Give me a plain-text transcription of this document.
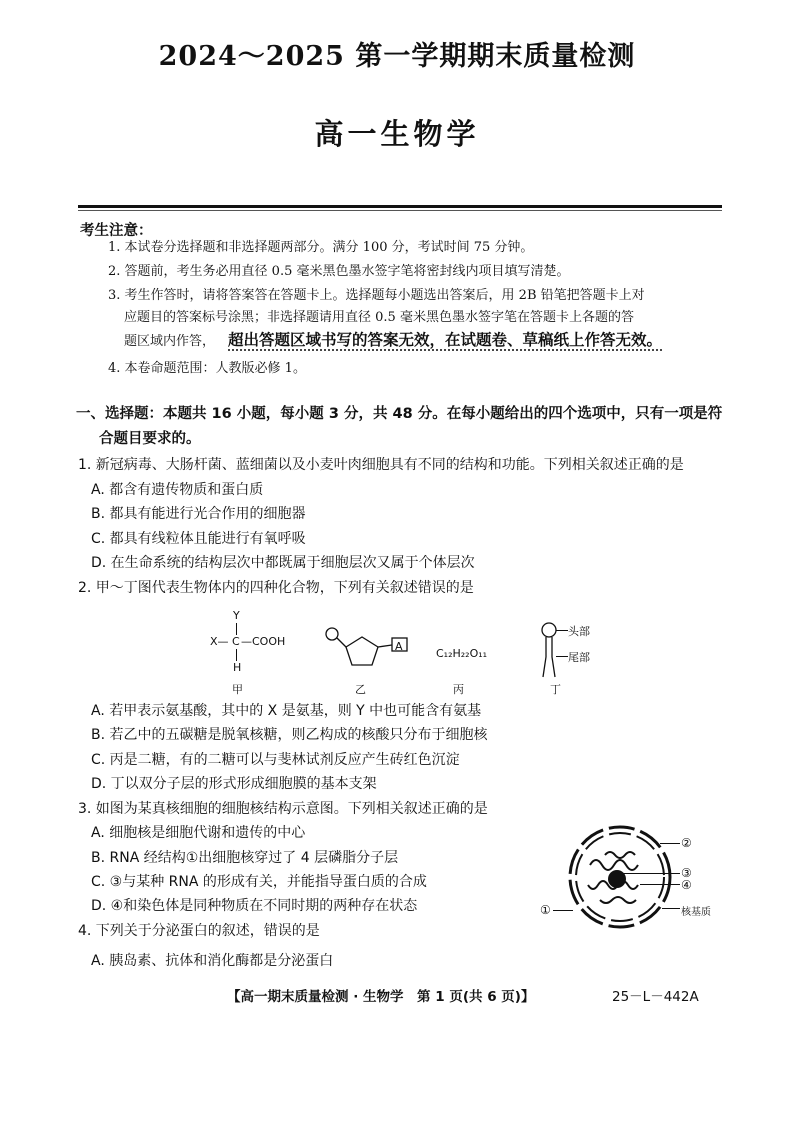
2024～2025 第一学期期末质量检测
高一生物学
考生注意：
1. 本试卷分选择题和非选择题两部分。满分 100 分，考试时间 75 分钟。
2. 答题前，考生务必用直径 0.5 毫米黑色墨水签字笔将密封线内项目填写清楚。
3. 考生作答时，请将答案答在答题卡上。选择题每小题选出答案后，用 2B 铅笔把答题卡上对
应题目的答案标号涂黑；非选择题请用直径 0.5 毫米黑色墨水签字笔在答题卡上各题的答
题区域内作答， 超出答题区域书写的答案无效，在试题卷、草稿纸上作答无效。
4. 本卷命题范围：人教版必修 1。
一、选择题：本题共 16 小题，每小题 3 分，共 48 分。在每小题给出的四个选项中，只有一项是符
合题目要求的。
1. 新冠病毒、大肠杆菌、蓝细菌以及小麦叶肉细胞具有不同的结构和功能。下列相关叙述正确的是
A. 都含有遗传物质和蛋白质
B. 都具有能进行光合作用的细胞器
C. 都具有线粒体且能进行有氧呼吸
D. 在生命系统的结构层次中都既属于细胞层次又属于个体层次
2. 甲～丁图代表生物体内的四种化合物，下列有关叙述错误的是
Y
X— C —COOH
H
A
C₁₂H₂₂O₁₁
头部
尾部
甲	乙	丙	丁
A. 若甲表示氨基酸，其中的 X 是氨基，则 Y 中也可能含有氨基
B. 若乙中的五碳糖是脱氧核糖，则乙构成的核酸只分布于细胞核
C. 丙是二糖，有的二糖可以与斐林试剂反应产生砖红色沉淀
D. 丁以双分子层的形式形成细胞膜的基本支架
3. 如图为某真核细胞的细胞核结构示意图。下列相关叙述正确的是
A. 细胞核是细胞代谢和遗传的中心
B. RNA 经结构①出细胞核穿过了 4 层磷脂分子层
C. ③与某种 RNA 的形成有关，并能指导蛋白质的合成
D. ④和染色体是同种物质在不同时期的两种存在状态
②
③
④
核基质
①
4. 下列关于分泌蛋白的叙述，错误的是
A. 胰岛素、抗体和消化酶都是分泌蛋白
【高一期末质量检测 · 生物学　第 1 页(共 6 页)】	25－L－442A
